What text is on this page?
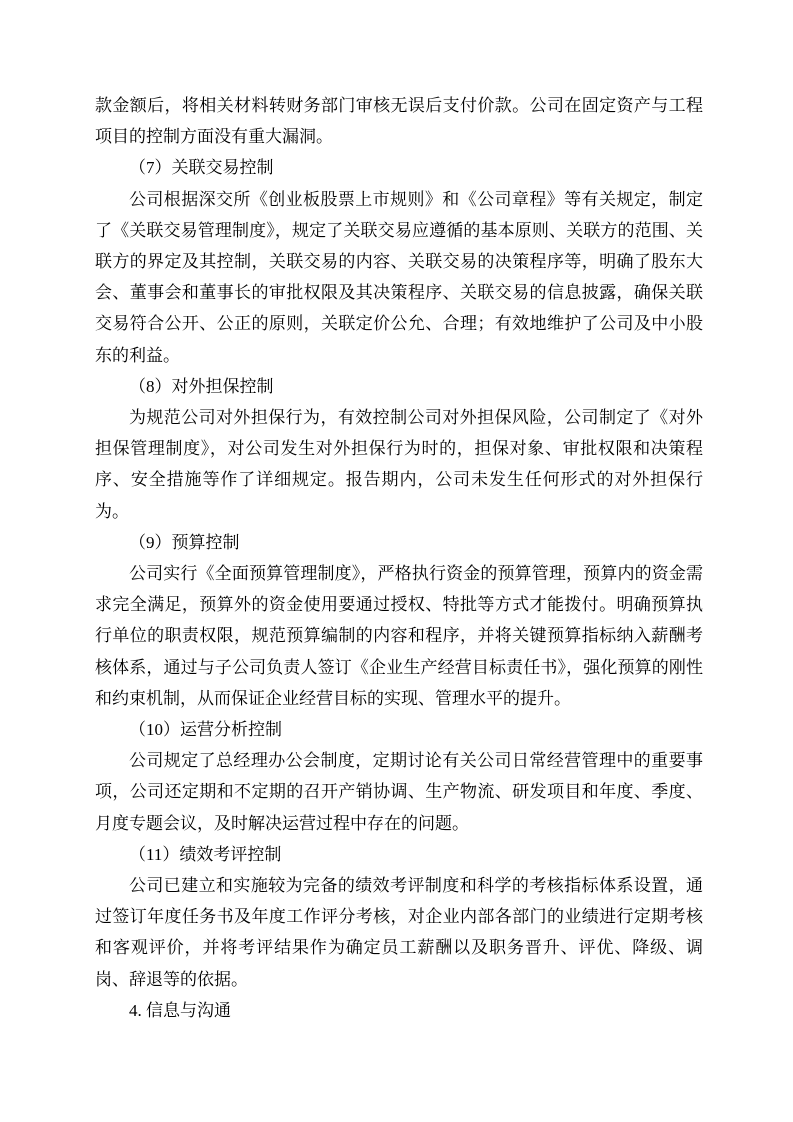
款金额后，将相关材料转财务部门审核无误后支付价款。公司在固定资产与工程项目的控制方面没有重大漏洞。

（7）关联交易控制

公司根据深交所《创业板股票上市规则》和《公司章程》等有关规定，制定了《关联交易管理制度》，规定了关联交易应遵循的基本原则、关联方的范围、关联方的界定及其控制，关联交易的内容、关联交易的决策程序等，明确了股东大会、董事会和董事长的审批权限及其决策程序、关联交易的信息披露，确保关联交易符合公开、公正的原则，关联定价公允、合理；有效地维护了公司及中小股东的利益。

（8）对外担保控制

为规范公司对外担保行为，有效控制公司对外担保风险，公司制定了《对外担保管理制度》，对公司发生对外担保行为时的，担保对象、审批权限和决策程序、安全措施等作了详细规定。报告期内，公司未发生任何形式的对外担保行为。

（9）预算控制

公司实行《全面预算管理制度》，严格执行资金的预算管理，预算内的资金需求完全满足，预算外的资金使用要通过授权、特批等方式才能拨付。明确预算执行单位的职责权限，规范预算编制的内容和程序，并将关键预算指标纳入薪酬考核体系，通过与子公司负责人签订《企业生产经营目标责任书》，强化预算的刚性和约束机制，从而保证企业经营目标的实现、管理水平的提升。

（10）运营分析控制

公司规定了总经理办公会制度，定期讨论有关公司日常经营管理中的重要事项，公司还定期和不定期的召开产销协调、生产物流、研发项目和年度、季度、月度专题会议，及时解决运营过程中存在的问题。

（11）绩效考评控制

公司已建立和实施较为完备的绩效考评制度和科学的考核指标体系设置，通过签订年度任务书及年度工作评分考核，对企业内部各部门的业绩进行定期考核和客观评价，并将考评结果作为确定员工薪酬以及职务晋升、评优、降级、调岗、辞退等的依据。

4. 信息与沟通
